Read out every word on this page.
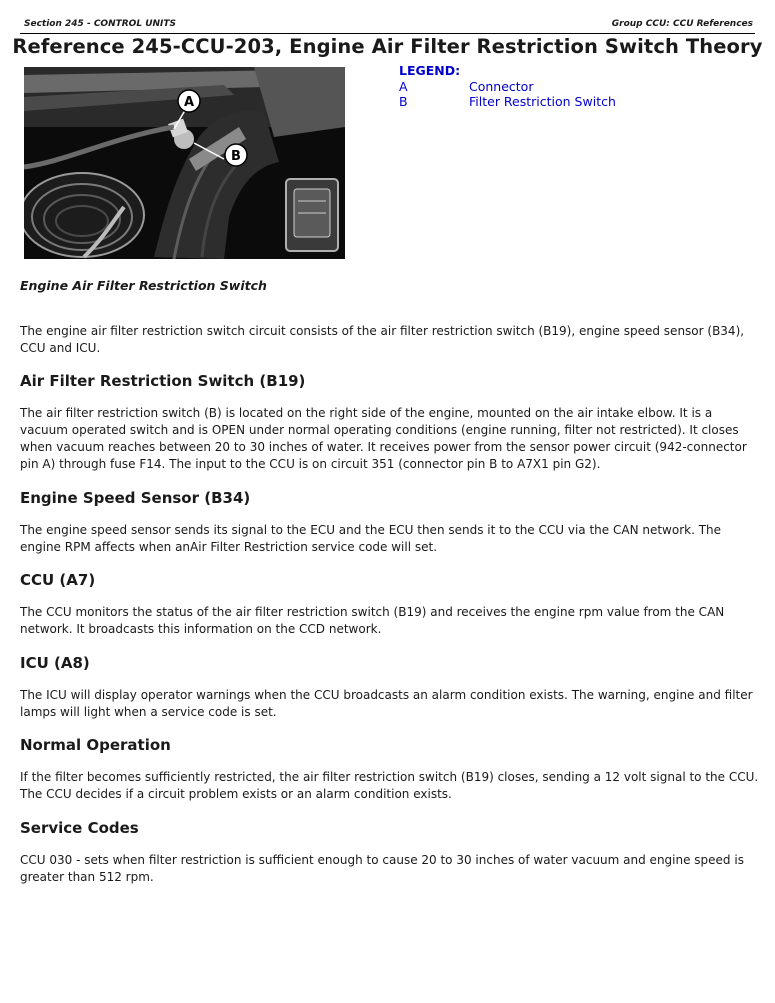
Section 245 - CONTROL UNITS	Group CCU: CCU References
Reference 245-CCU-203, Engine Air Filter Restriction Switch Theory
A
B
LEGEND:
A	Connector
B	Filter Restriction Switch
Engine Air Filter Restriction Switch

The engine air filter restriction switch circuit consists of the air filter restriction switch (B19), engine speed sensor (B34), CCU and ICU.

Air Filter Restriction Switch (B19)

The air filter restriction switch (B) is located on the right side of the engine, mounted on the air intake elbow. It is a vacuum operated switch and is OPEN under normal operating conditions (engine running, filter not restricted). It closes when vacuum reaches between 20 to 30 inches of water. It receives power from the sensor power circuit (942-connector pin A) through fuse F14. The input to the CCU is on circuit 351 (connector pin B to A7X1 pin G2).

Engine Speed Sensor (B34)

The engine speed sensor sends its signal to the ECU and the ECU then sends it to the CCU via the CAN network. The engine RPM affects when anAir Filter Restriction service code will set.

CCU (A7)

The CCU monitors the status of the air filter restriction switch (B19) and receives the engine rpm value from the CAN network. It broadcasts this information on the CCD network.

ICU (A8)

The ICU will display operator warnings when the CCU broadcasts an alarm condition exists. The warning, engine and filter lamps will light when a service code is set.

Normal Operation

If the filter becomes sufficiently restricted, the air filter restriction switch (B19) closes, sending a 12 volt signal to the CCU. The CCU decides if a circuit problem exists or an alarm condition exists.

Service Codes

CCU 030 - sets when filter restriction is sufficient enough to cause 20 to 30 inches of water vacuum and engine speed is greater than 512 rpm.
